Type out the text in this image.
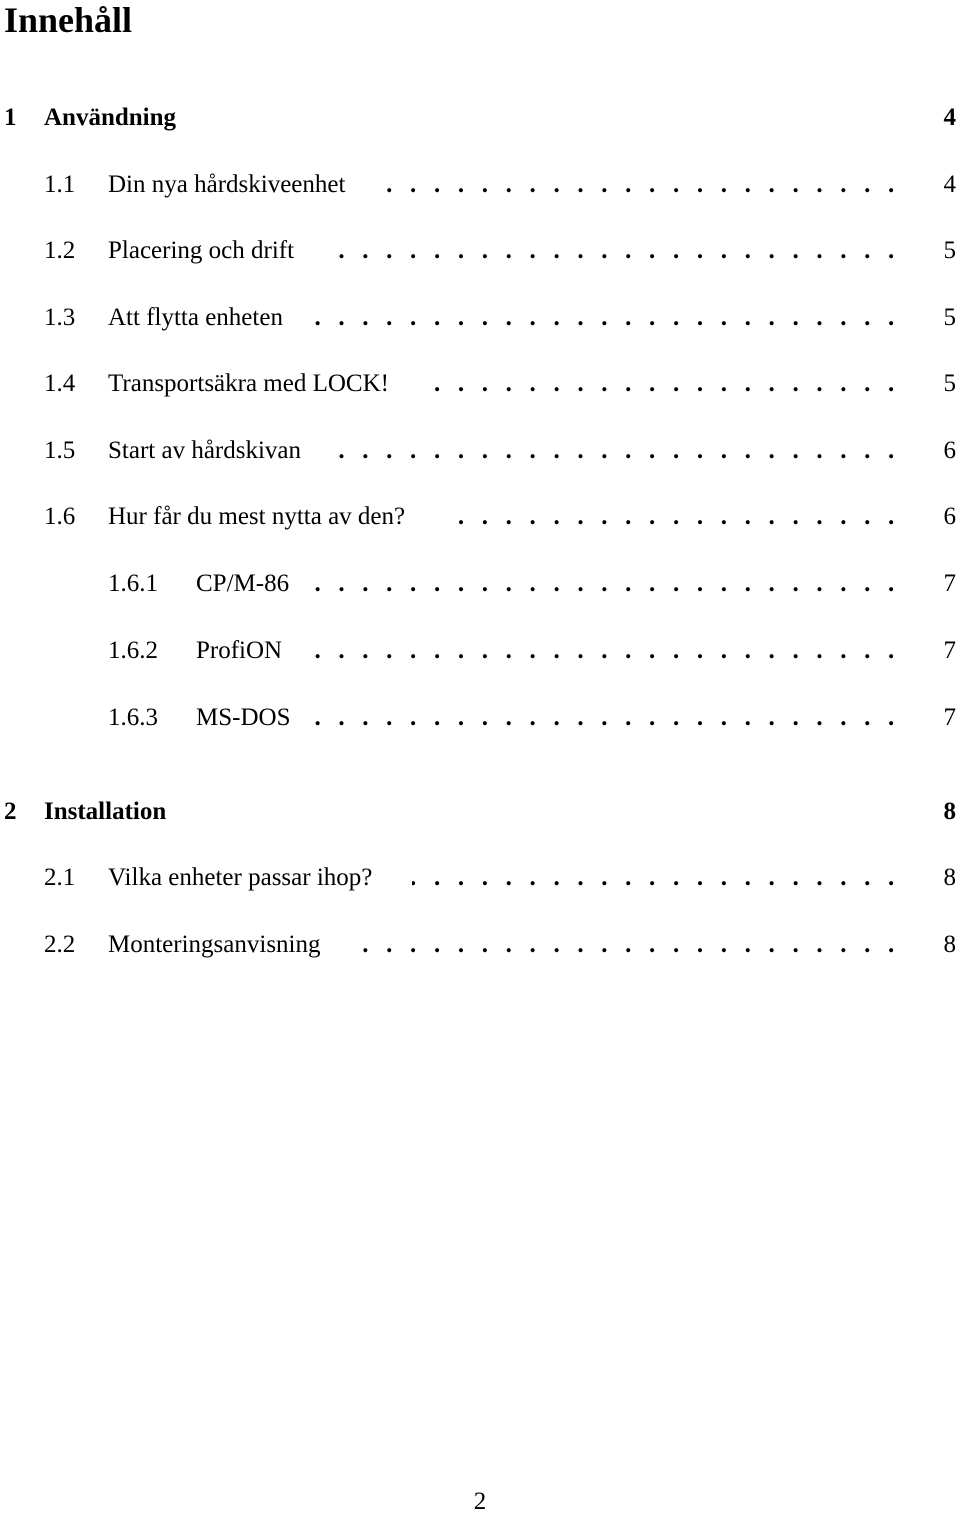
Innehåll
1 Användning	4
1.1 Din nya hårdskiveenhet . . .	4
1.2 Placering och drift . . .	5
1.3 Att flytta enheten . . .	5
1.4 Transportsäkra med LOCK! . . .	5
1.5 Start av hårdskivan . . .	6
1.6 Hur får du mest nytta av den? . . .	6
1.6.1 CP/M-86 . . .	7
1.6.2 ProfiON . . .	7
1.6.3 MS-DOS . . .	7
2 Installation	8
2.1 Vilka enheter passar ihop? . . .	8
2.2 Monteringsanvisning . . .	8
2
